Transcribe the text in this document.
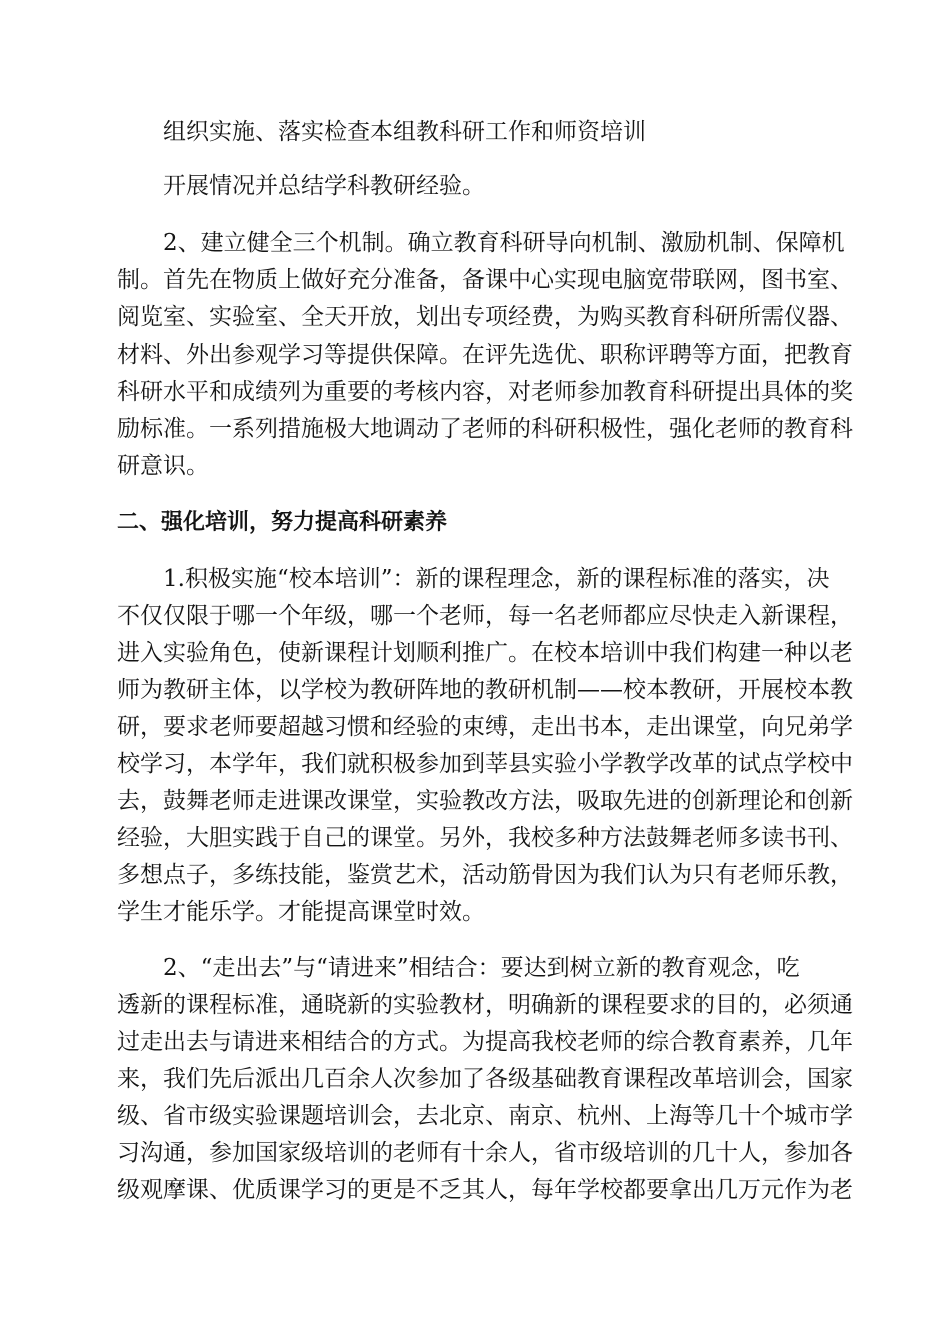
组织实施、落实检查本组教科研工作和师资培训
开展情况并总结学科教研经验。
2、建立健全三个机制。确立教育科研导向机制、激励机制、保障机
制。首先在物质上做好充分准备，备课中心实现电脑宽带联网，图书室、
阅览室、实验室、全天开放，划出专项经费，为购买教育科研所需仪器、
材料、外出参观学习等提供保障。在评先选优、职称评聘等方面，把教育
科研水平和成绩列为重要的考核内容，对老师参加教育科研提出具体的奖
励标准。一系列措施极大地调动了老师的科研积极性，强化老师的教育科
研意识。
二、强化培训，努力提高科研素养
1.积极实施“校本培训”：新的课程理念，新的课程标准的落实，决
不仅仅限于哪一个年级，哪一个老师，每一名老师都应尽快走入新课程，
进入实验角色，使新课程计划顺利推广。在校本培训中我们构建一种以老
师为教研主体，以学校为教研阵地的教研机制——校本教研，开展校本教
研，要求老师要超越习惯和经验的束缚，走出书本，走出课堂，向兄弟学
校学习，本学年，我们就积极参加到莘县实验小学教学改革的试点学校中
去，鼓舞老师走进课改课堂，实验教改方法，吸取先进的创新理论和创新
经验，大胆实践于自己的课堂。另外，我校多种方法鼓舞老师多读书刊、
多想点子，多练技能，鉴赏艺术，活动筋骨因为我们认为只有老师乐教，
学生才能乐学。才能提高课堂时效。
2、“走出去”与“请进来”相结合：要达到树立新的教育观念，吃
透新的课程标准，通晓新的实验教材，明确新的课程要求的目的，必须通
过走出去与请进来相结合的方式。为提高我校老师的综合教育素养，几年
来，我们先后派出几百余人次参加了各级基础教育课程改革培训会，国家
级、省市级实验课题培训会，去北京、南京、杭州、上海等几十个城市学
习沟通，参加国家级培训的老师有十余人，省市级培训的几十人，参加各
级观摩课、优质课学习的更是不乏其人，每年学校都要拿出几万元作为老
